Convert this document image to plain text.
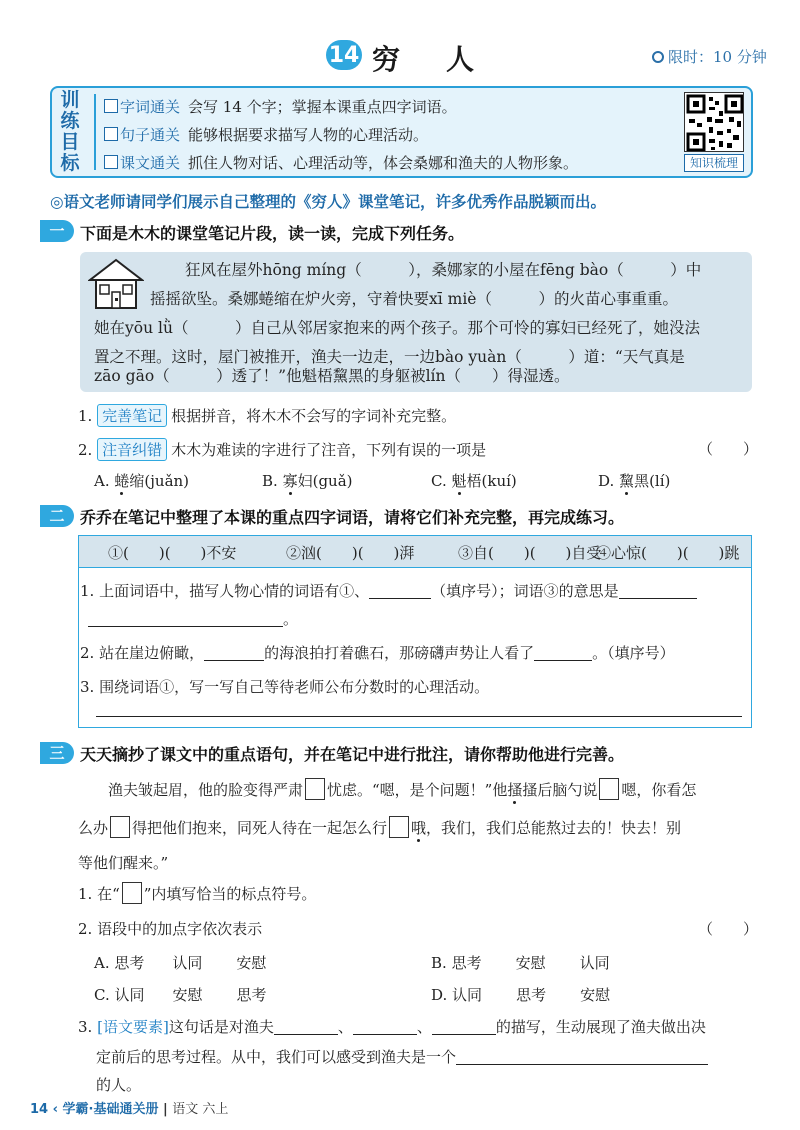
14 穷人	限时：10 分钟
训练目标
字词通关 会写 14 个字；掌握本课重点四字词语。
句子通关 能够根据要求描写人物的心理活动。
课文通关 抓住人物对话、心理活动等，体会桑娜和渔夫的人物形象。	知识梳理
◎语文老师请同学们展示自己整理的《穷人》课堂笔记，许多优秀作品脱颖而出。
一 下面是木木的课堂笔记片段，读一读，完成下列任务。
狂风在屋外hōng míng（　　　），桑娜家的小屋在fēng bào（　　　）中
摇摇欲坠。桑娜蜷缩在炉火旁，守着快要xī miè（　　　）的火苗心事重重。
她在yōu lǜ（　　　）自己从邻居家抱来的两个孩子。那个可怜的寡妇已经死了，她没法
置之不理。这时，屋门被推开，渔夫一边走，一边bào yuàn（　　　）道：“天气真是
zāo gāo（　　　）透了！”他魁梧黧黑的身躯被lín（　　）得湿透。
1. 完善笔记 根据拼音，将木木不会写的字词补充完整。
2. 注音纠错 木木为难读的字进行了注音，下列有误的一项是	（　　）
A. 蜷缩(juǎn)	B. 寡妇(guǎ)	C. 魁梧(kuí)	D. 黧黑(lí)
二 乔乔在笔记中整理了本课的重点四字词语，请将它们补充完整，再完成练习。
①(　　)(　　)不安	②汹(　　)(　　)湃	③自(　　)(　　)自受
④心惊(　　)(　　)跳
1. 上面词语中，描写人物心情的词语有①、	（填序号）；词语③的意思是
。
2. 站在崖边俯瞰，	的海浪拍打着礁石，那磅礴声势让人看了	。（填序号）
3. 围绕词语①，写一写自己等待老师公布分数时的心理活动。
三 天天摘抄了课文中的重点语句，并在笔记中进行批注，请你帮助他进行完善。
渔夫皱起眉，他的脸变得严肃 忧虑。“嗯，是个问题！”他搔搔后脑勺说 嗯，你看怎
么办 得把他们抱来，同死人待在一起怎么行 哦，我们，我们总能熬过去的！快去！别
等他们醒来。”
1. 在“ ”内填写恰当的标点符号。
2. 语段中的加点字依次表示	（　　）
A. 思考 认同 安慰	B. 思考 安慰 认同
C. 认同 安慰 思考	D. 认同 思考 安慰
3. [语文要素]这句话是对渔夫	、	、	的描写，生动展现了渔夫做出决
定前后的思考过程。从中，我们可以感受到渔夫是一个
的人。
14 ‹ 学霸·基础通关册 | 语文 六上
